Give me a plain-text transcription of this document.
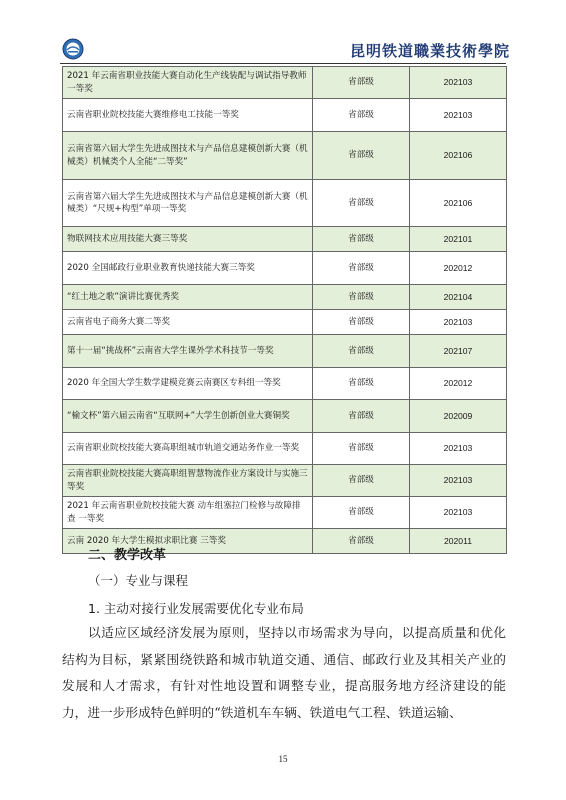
昆明铁道職業技術學院
2021 年云南省职业技能大赛自动化生产线装配与调试指导教师一等奖	省部级	202103
云南省职业院校技能大赛维修电工技能一等奖	省部级	202103
云南省第六届大学生先进成图技术与产品信息建模创新大赛（机械类）机械类个人全能“二等奖”	省部级	202106
云南省第六届大学生先进成图技术与产品信息建模创新大赛（机械类）“尺规+构型”单项一等奖	省部级	202106
物联网技术应用技能大赛三等奖	省部级	202101
2020 全国邮政行业职业教育快递技能大赛三等奖	省部级	202012
“红土地之歌”演讲比赛优秀奖	省部级	202104
云南省电子商务大赛二等奖	省部级	202103
第十一届“挑战杯”云南省大学生课外学术科技节一等奖	省部级	202107
2020 年全国大学生数学建模竞赛云南赛区专科组一等奖	省部级	202012
“榆文杯”第六届云南省“互联网+”大学生创新创业大赛铜奖	省部级	202009
云南省职业院校技能大赛高职组城市轨道交通站务作业一等奖	省部级	202103
云南省职业院校技能大赛高职组智慧物流作业方案设计与实施三等奖	省部级	202103
2021 年云南省职业院校技能大赛 动车组塞拉门检修与故障排查 一等奖	省部级	202103
云南 2020 年大学生模拟求职比赛 三等奖	省部级	202011
二、教学改革
（一）专业与课程
1. 主动对接行业发展需要优化专业布局
以适应区域经济发展为原则，坚持以市场需求为导向，以提高质量和优化结构为目标，紧紧围绕铁路和城市轨道交通、通信、邮政行业及其相关产业的发展和人才需求，有针对性地设置和调整专业，提高服务地方经济建设的能力，进一步形成特色鲜明的“铁道机车车辆、铁道电气工程、铁道运输、
15
